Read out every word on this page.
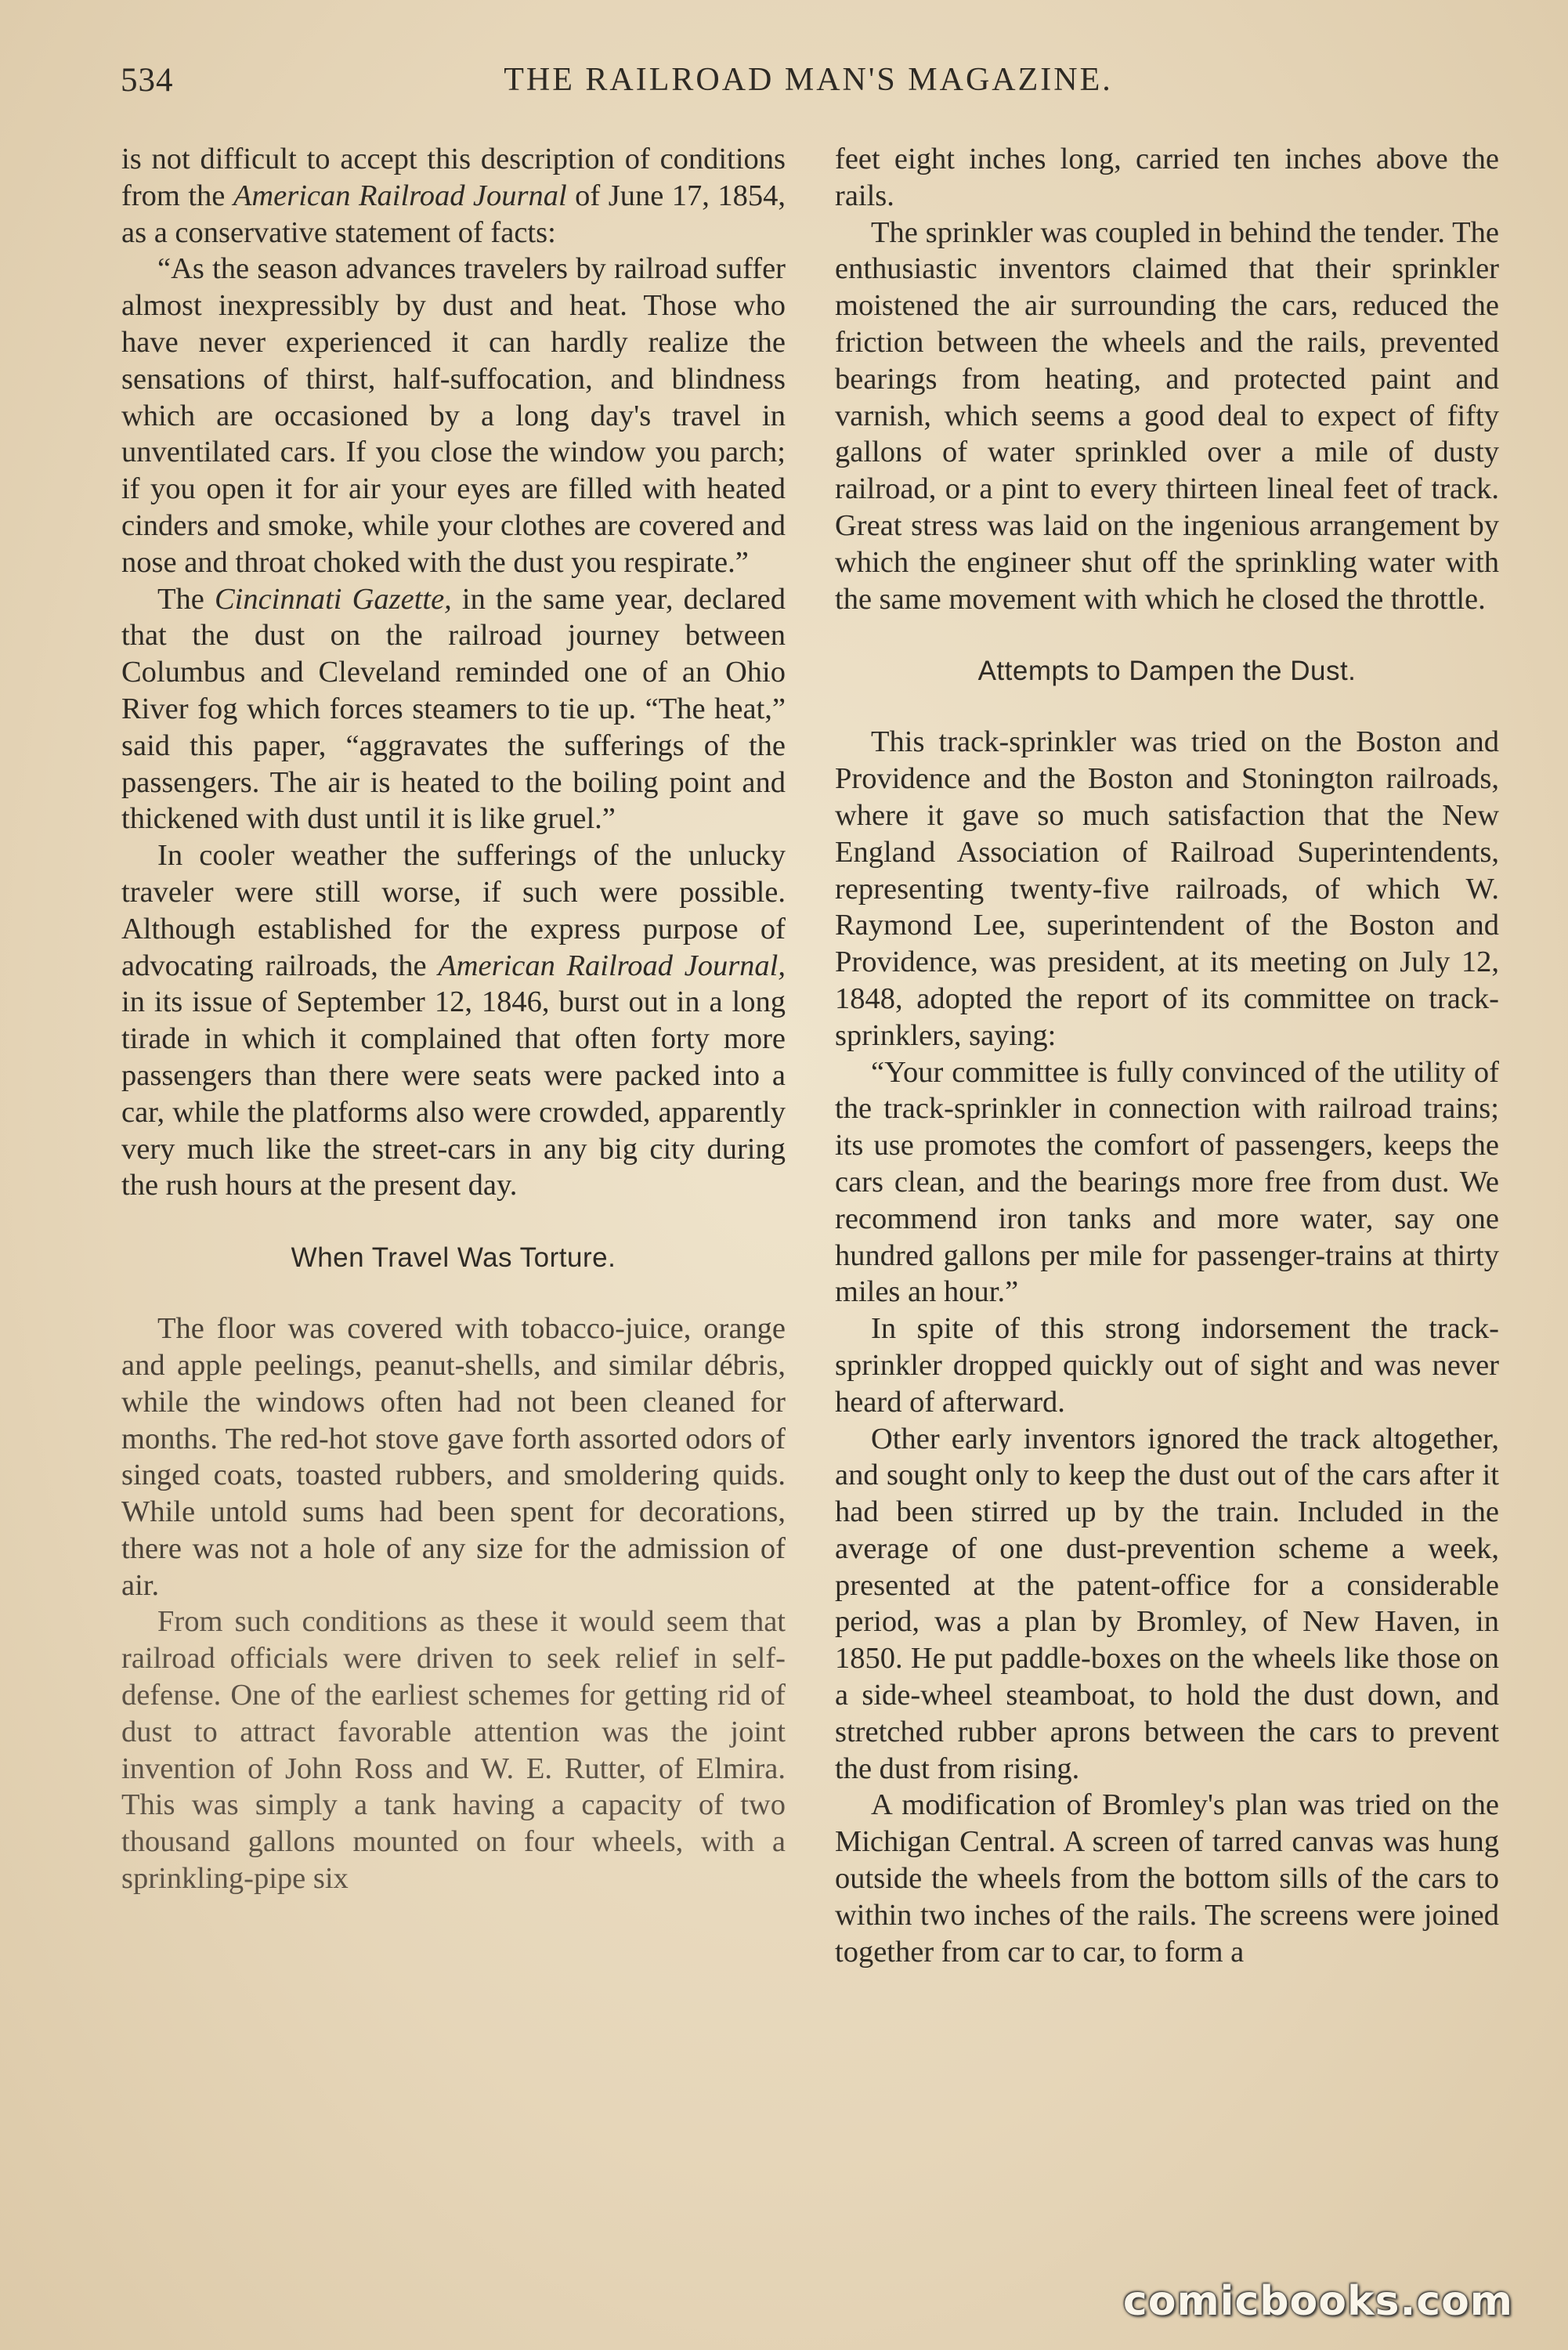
534	THE RAILROAD MAN'S MAGAZINE.

is not difficult to accept this description of conditions from the American Railroad Journal of June 17, 1854, as a conservative statement of facts:

“As the season advances travelers by railroad suffer almost inexpressibly by dust and heat. Those who have never experienced it can hardly realize the sensations of thirst, half-suffocation, and blindness which are occasioned by a long day's travel in unventilated cars. If you close the window you parch; if you open it for air your eyes are filled with heated cinders and smoke, while your clothes are covered and nose and throat choked with the dust you respirate.”

The Cincinnati Gazette, in the same year, declared that the dust on the railroad journey between Columbus and Cleveland reminded one of an Ohio River fog which forces steamers to tie up. “The heat,” said this paper, “aggravates the sufferings of the passengers. The air is heated to the boiling point and thickened with dust until it is like gruel.”

In cooler weather the sufferings of the unlucky traveler were still worse, if such were possible. Although established for the express purpose of advocating railroads, the American Railroad Journal, in its issue of September 12, 1846, burst out in a long tirade in which it complained that often forty more passengers than there were seats were packed into a car, while the platforms also were crowded, apparently very much like the street-cars in any big city during the rush hours at the present day.

When Travel Was Torture.

The floor was covered with tobacco-juice, orange and apple peelings, peanut-shells, and similar débris, while the windows often had not been cleaned for months. The red-hot stove gave forth assorted odors of singed coats, toasted rubbers, and smoldering quids. While untold sums had been spent for decorations, there was not a hole of any size for the admission of air.

From such conditions as these it would seem that railroad officials were driven to seek relief in self-defense. One of the earliest schemes for getting rid of dust to attract favorable attention was the joint invention of John Ross and W. E. Rutter, of Elmira. This was simply a tank having a capacity of two thousand gallons mounted on four wheels, with a sprinkling-pipe six

feet eight inches long, carried ten inches above the rails.

The sprinkler was coupled in behind the tender. The enthusiastic inventors claimed that their sprinkler moistened the air surrounding the cars, reduced the friction between the wheels and the rails, prevented bearings from heating, and protected paint and varnish, which seems a good deal to expect of fifty gallons of water sprinkled over a mile of dusty railroad, or a pint to every thirteen lineal feet of track. Great stress was laid on the ingenious arrangement by which the engineer shut off the sprinkling water with the same movement with which he closed the throttle.

Attempts to Dampen the Dust.

This track-sprinkler was tried on the Boston and Providence and the Boston and Stonington railroads, where it gave so much satisfaction that the New England Association of Railroad Superintendents, representing twenty-five railroads, of which W. Raymond Lee, superintendent of the Boston and Providence, was president, at its meeting on July 12, 1848, adopted the report of its committee on track-sprinklers, saying:

“Your committee is fully convinced of the utility of the track-sprinkler in connection with railroad trains; its use promotes the comfort of passengers, keeps the cars clean, and the bearings more free from dust. We recommend iron tanks and more water, say one hundred gallons per mile for passenger-trains at thirty miles an hour.”

In spite of this strong indorsement the track-sprinkler dropped quickly out of sight and was never heard of afterward.

Other early inventors ignored the track altogether, and sought only to keep the dust out of the cars after it had been stirred up by the train. Included in the average of one dust-prevention scheme a week, presented at the patent-office for a considerable period, was a plan by Bromley, of New Haven, in 1850. He put paddle-boxes on the wheels like those on a side-wheel steamboat, to hold the dust down, and stretched rubber aprons between the cars to prevent the dust from rising.

A modification of Bromley's plan was tried on the Michigan Central. A screen of tarred canvas was hung outside the wheels from the bottom sills of the cars to within two inches of the rails. The screens were joined together from car to car, to form a

comicbooks.com
